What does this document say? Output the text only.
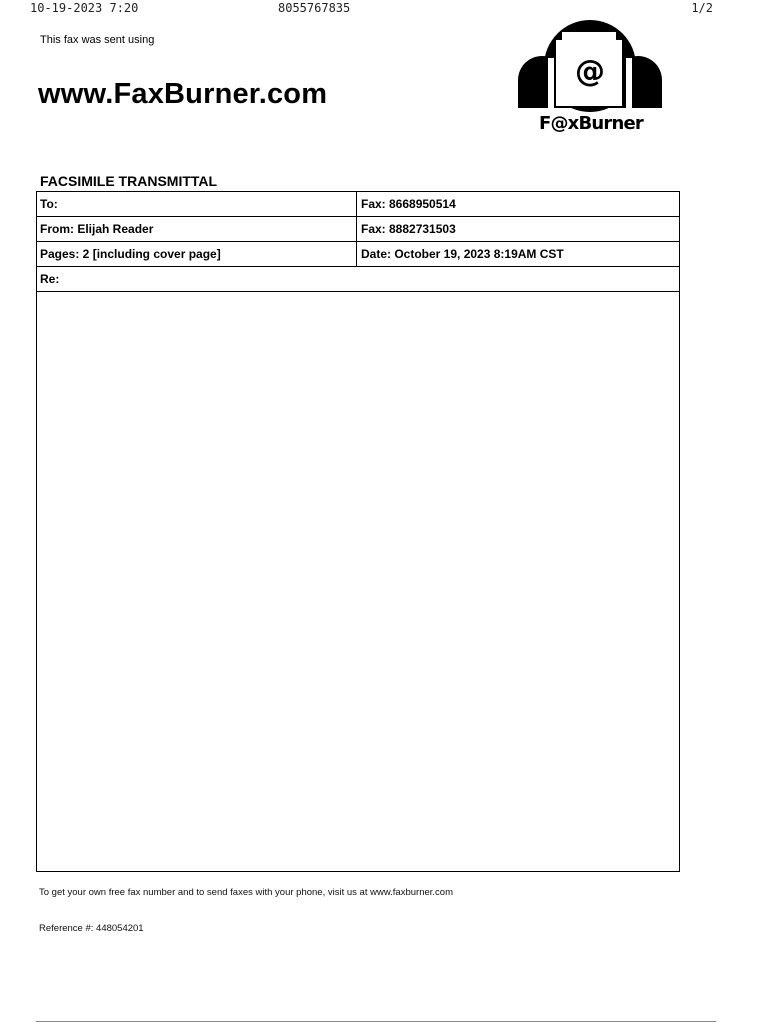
10-19-2023 7:20	8055767835	1/2
This fax was sent using
www.FaxBurner.com
@
F@xBurner
FACSIMILE TRANSMITTAL
To:	Fax: 8668950514
From: Elijah Reader	Fax: 8882731503
Pages: 2 [including cover page]	Date: October 19, 2023 8:19AM CST
Re:
To get your own free fax number and to send faxes with your phone, visit us at www.faxburner.com
Reference #: 448054201
